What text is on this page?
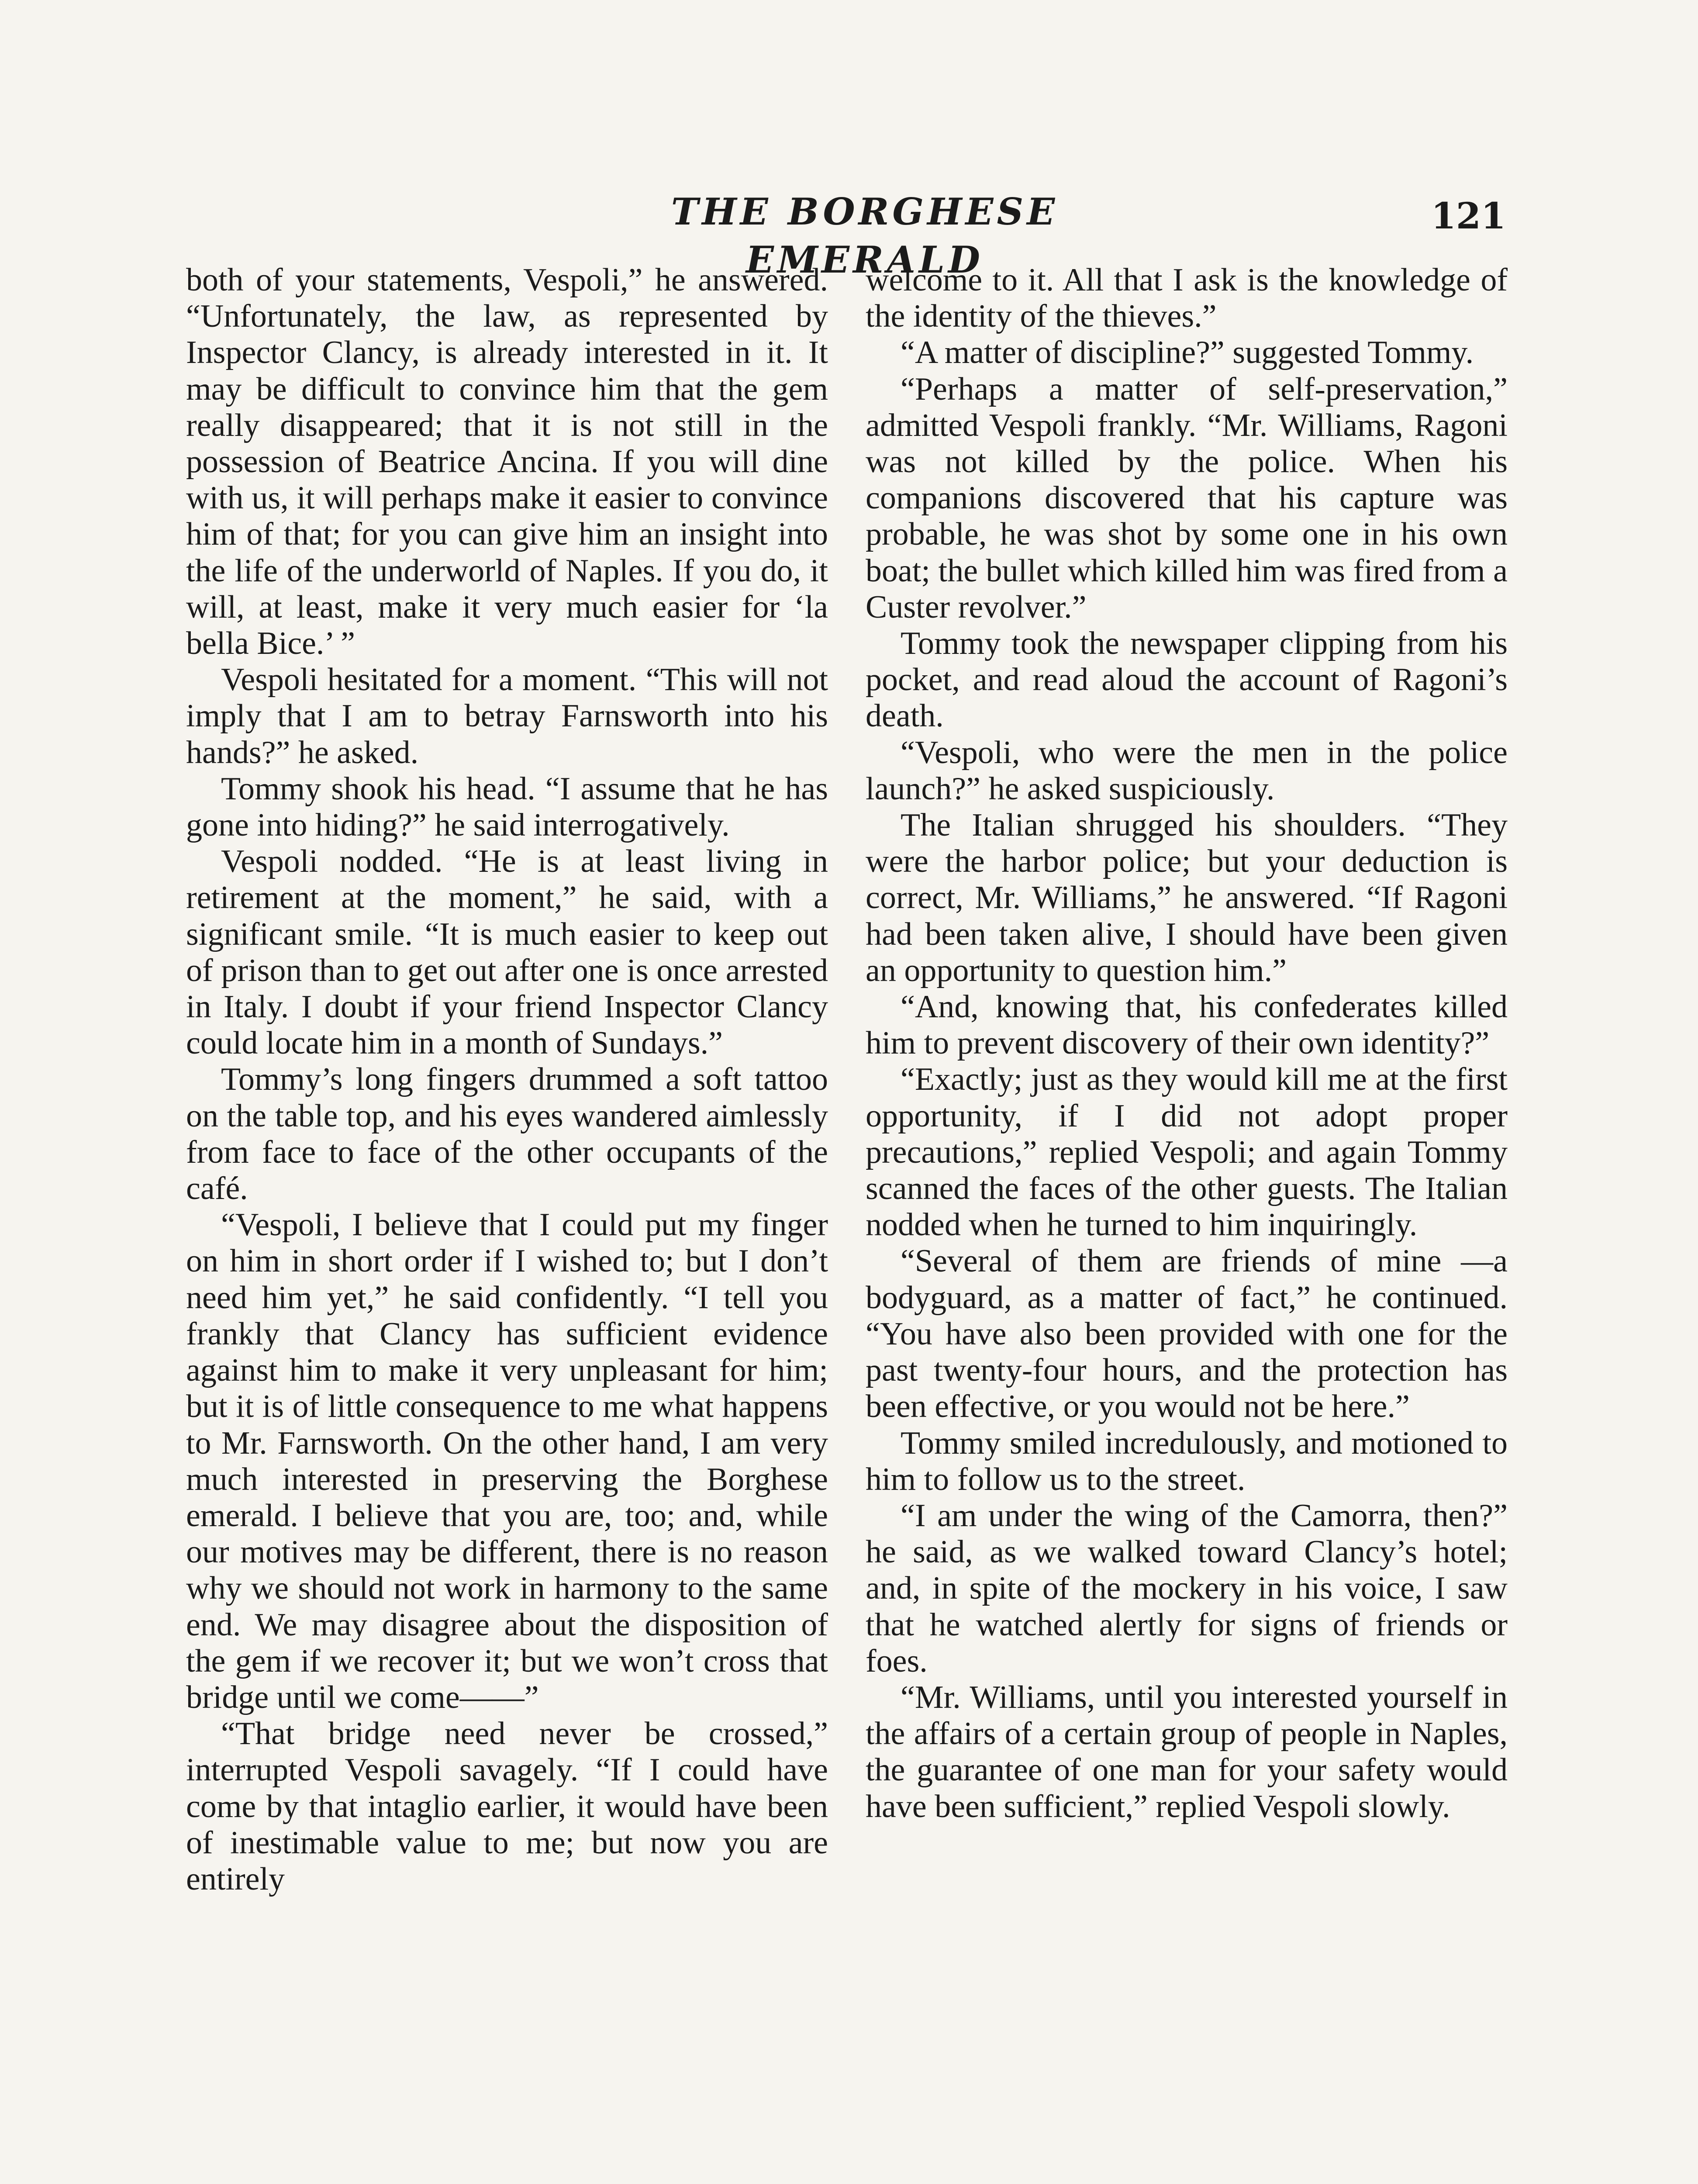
THE BORGHESE EMERALD
121

both of your statements, Vespoli,” he answered. “Unfortunately, the law, as represented by Inspector Clancy, is already interested in it. It may be difficult to convince him that the gem really disappeared; that it is not still in the possession of Beatrice Ancina. If you will dine with us, it will perhaps make it easier to convince him of that; for you can give him an insight into the life of the underworld of Naples. If you do, it will, at least, make it very much easier for ‘la bella Bice.’ ”

Vespoli hesitated for a moment. “This will not imply that I am to betray Farnsworth into his hands?” he asked.

Tommy shook his head. “I assume that he has gone into hiding?” he said interrogatively.

Vespoli nodded. “He is at least living in retirement at the moment,” he said, with a significant smile. “It is much easier to keep out of prison than to get out after one is once arrested in Italy. I doubt if your friend Inspector Clancy could locate him in a month of Sundays.”

Tommy’s long fingers drummed a soft tattoo on the table top, and his eyes wandered aimlessly from face to face of the other occupants of the café.

“Vespoli, I believe that I could put my finger on him in short order if I wished to; but I don’t need him yet,” he said confidently. “I tell you frankly that Clancy has sufficient evidence against him to make it very unpleasant for him; but it is of little consequence to me what happens to Mr. Farnsworth. On the other hand, I am very much interested in preserving the Borghese emerald. I believe that you are, too; and, while our motives may be different, there is no reason why we should not work in harmony to the same end. We may disagree about the disposition of the gem if we recover it; but we won’t cross that bridge until we come——”

“That bridge need never be crossed,” interrupted Vespoli savagely. “If I could have come by that intaglio earlier, it would have been of inestimable value to me; but now you are entirely

welcome to it. All that I ask is the knowledge of the identity of the thieves.”

“A matter of discipline?” suggested Tommy.

“Perhaps a matter of self-preservation,” admitted Vespoli frankly. “Mr. Williams, Ragoni was not killed by the police. When his companions discovered that his capture was probable, he was shot by some one in his own boat; the bullet which killed him was fired from a Custer revolver.”

Tommy took the newspaper clipping from his pocket, and read aloud the account of Ragoni’s death.

“Vespoli, who were the men in the police launch?” he asked suspiciously.

The Italian shrugged his shoulders. “They were the harbor police; but your deduction is correct, Mr. Williams,” he answered. “If Ragoni had been taken alive, I should have been given an opportunity to question him.”

“And, knowing that, his confederates killed him to prevent discovery of their own identity?”

“Exactly; just as they would kill me at the first opportunity, if I did not adopt proper precautions,” replied Vespoli; and again Tommy scanned the faces of the other guests. The Italian nodded when he turned to him inquiringly.

“Several of them are friends of mine —a bodyguard, as a matter of fact,” he continued. “You have also been provided with one for the past twenty-four hours, and the protection has been effective, or you would not be here.”

Tommy smiled incredulously, and motioned to him to follow us to the street.

“I am under the wing of the Camorra, then?” he said, as we walked toward Clancy’s hotel; and, in spite of the mockery in his voice, I saw that he watched alertly for signs of friends or foes.

“Mr. Williams, until you interested yourself in the affairs of a certain group of people in Naples, the guarantee of one man for your safety would have been sufficient,” replied Vespoli slowly.
